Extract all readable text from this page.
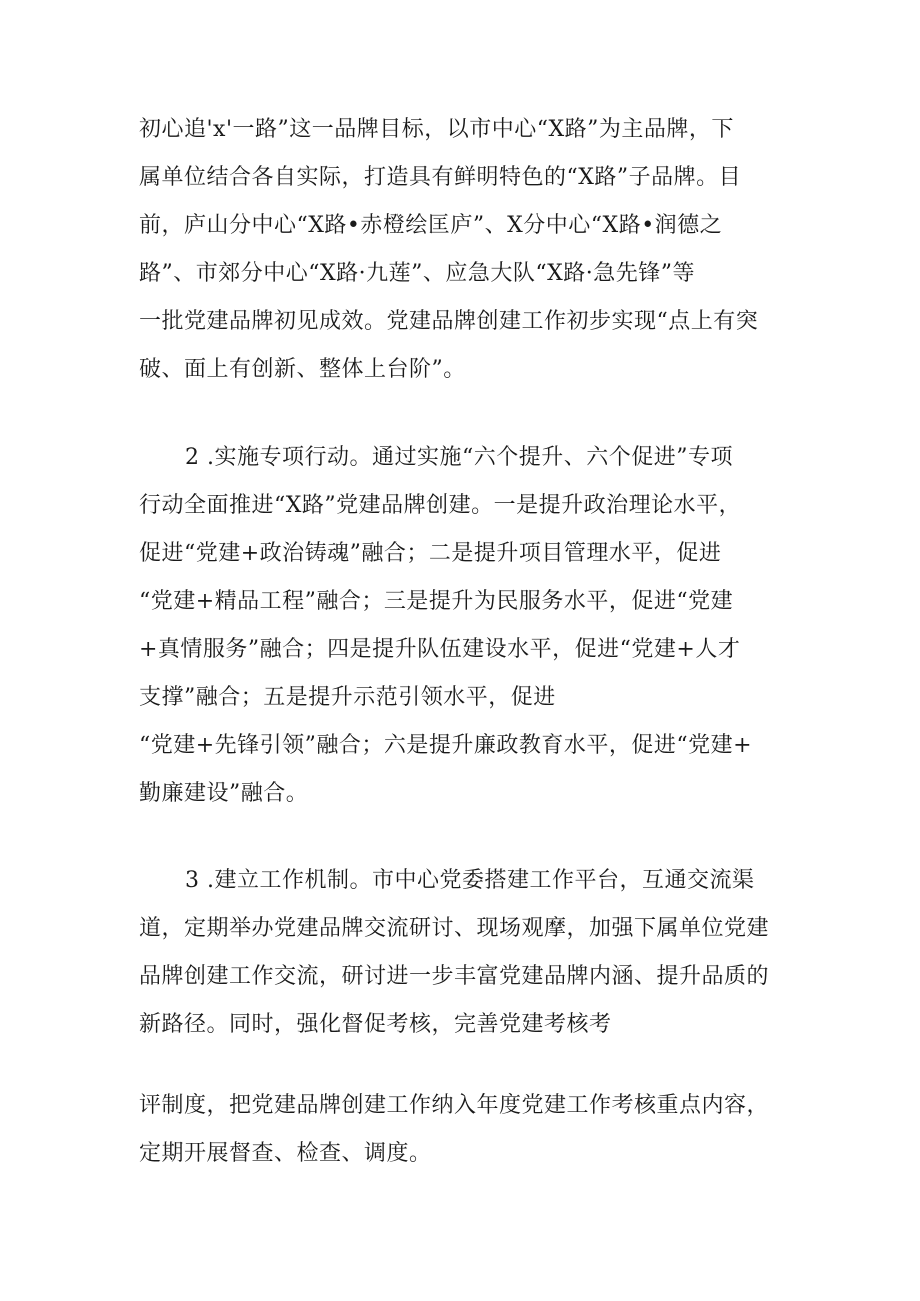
初心追'x'一路”这一品牌目标，以市中心“X路”为主品牌，下
属单位结合各自实际，打造具有鲜明特色的“X路”子品牌。目
前，庐山分中心“X路•赤橙绘匡庐”、X分中心“X路•润德之
路”、市郊分中心“X路·九莲”、应急大队“X路·急先锋”等
一批党建品牌初见成效。党建品牌创建工作初步实现“点上有突
破、面上有创新、整体上台阶”。
2 .实施专项行动。通过实施“六个提升、六个促进”专项
行动全面推进“X路”党建品牌创建。一是提升政治理论水平，
促进“党建+政治铸魂”融合；二是提升项目管理水平，促进
“党建+精品工程”融合；三是提升为民服务水平，促进“党建
+真情服务”融合；四是提升队伍建设水平，促进“党建+人才
支撑”融合；五是提升示范引领水平，促进
“党建+先锋引领”融合；六是提升廉政教育水平，促进“党建+
勤廉建设”融合。
3 .建立工作机制。市中心党委搭建工作平台，互通交流渠
道，定期举办党建品牌交流研讨、现场观摩，加强下属单位党建
品牌创建工作交流，研讨进一步丰富党建品牌内涵、提升品质的
新路径。同时，强化督促考核，完善党建考核考
评制度，把党建品牌创建工作纳入年度党建工作考核重点内容，
定期开展督查、检查、调度。
